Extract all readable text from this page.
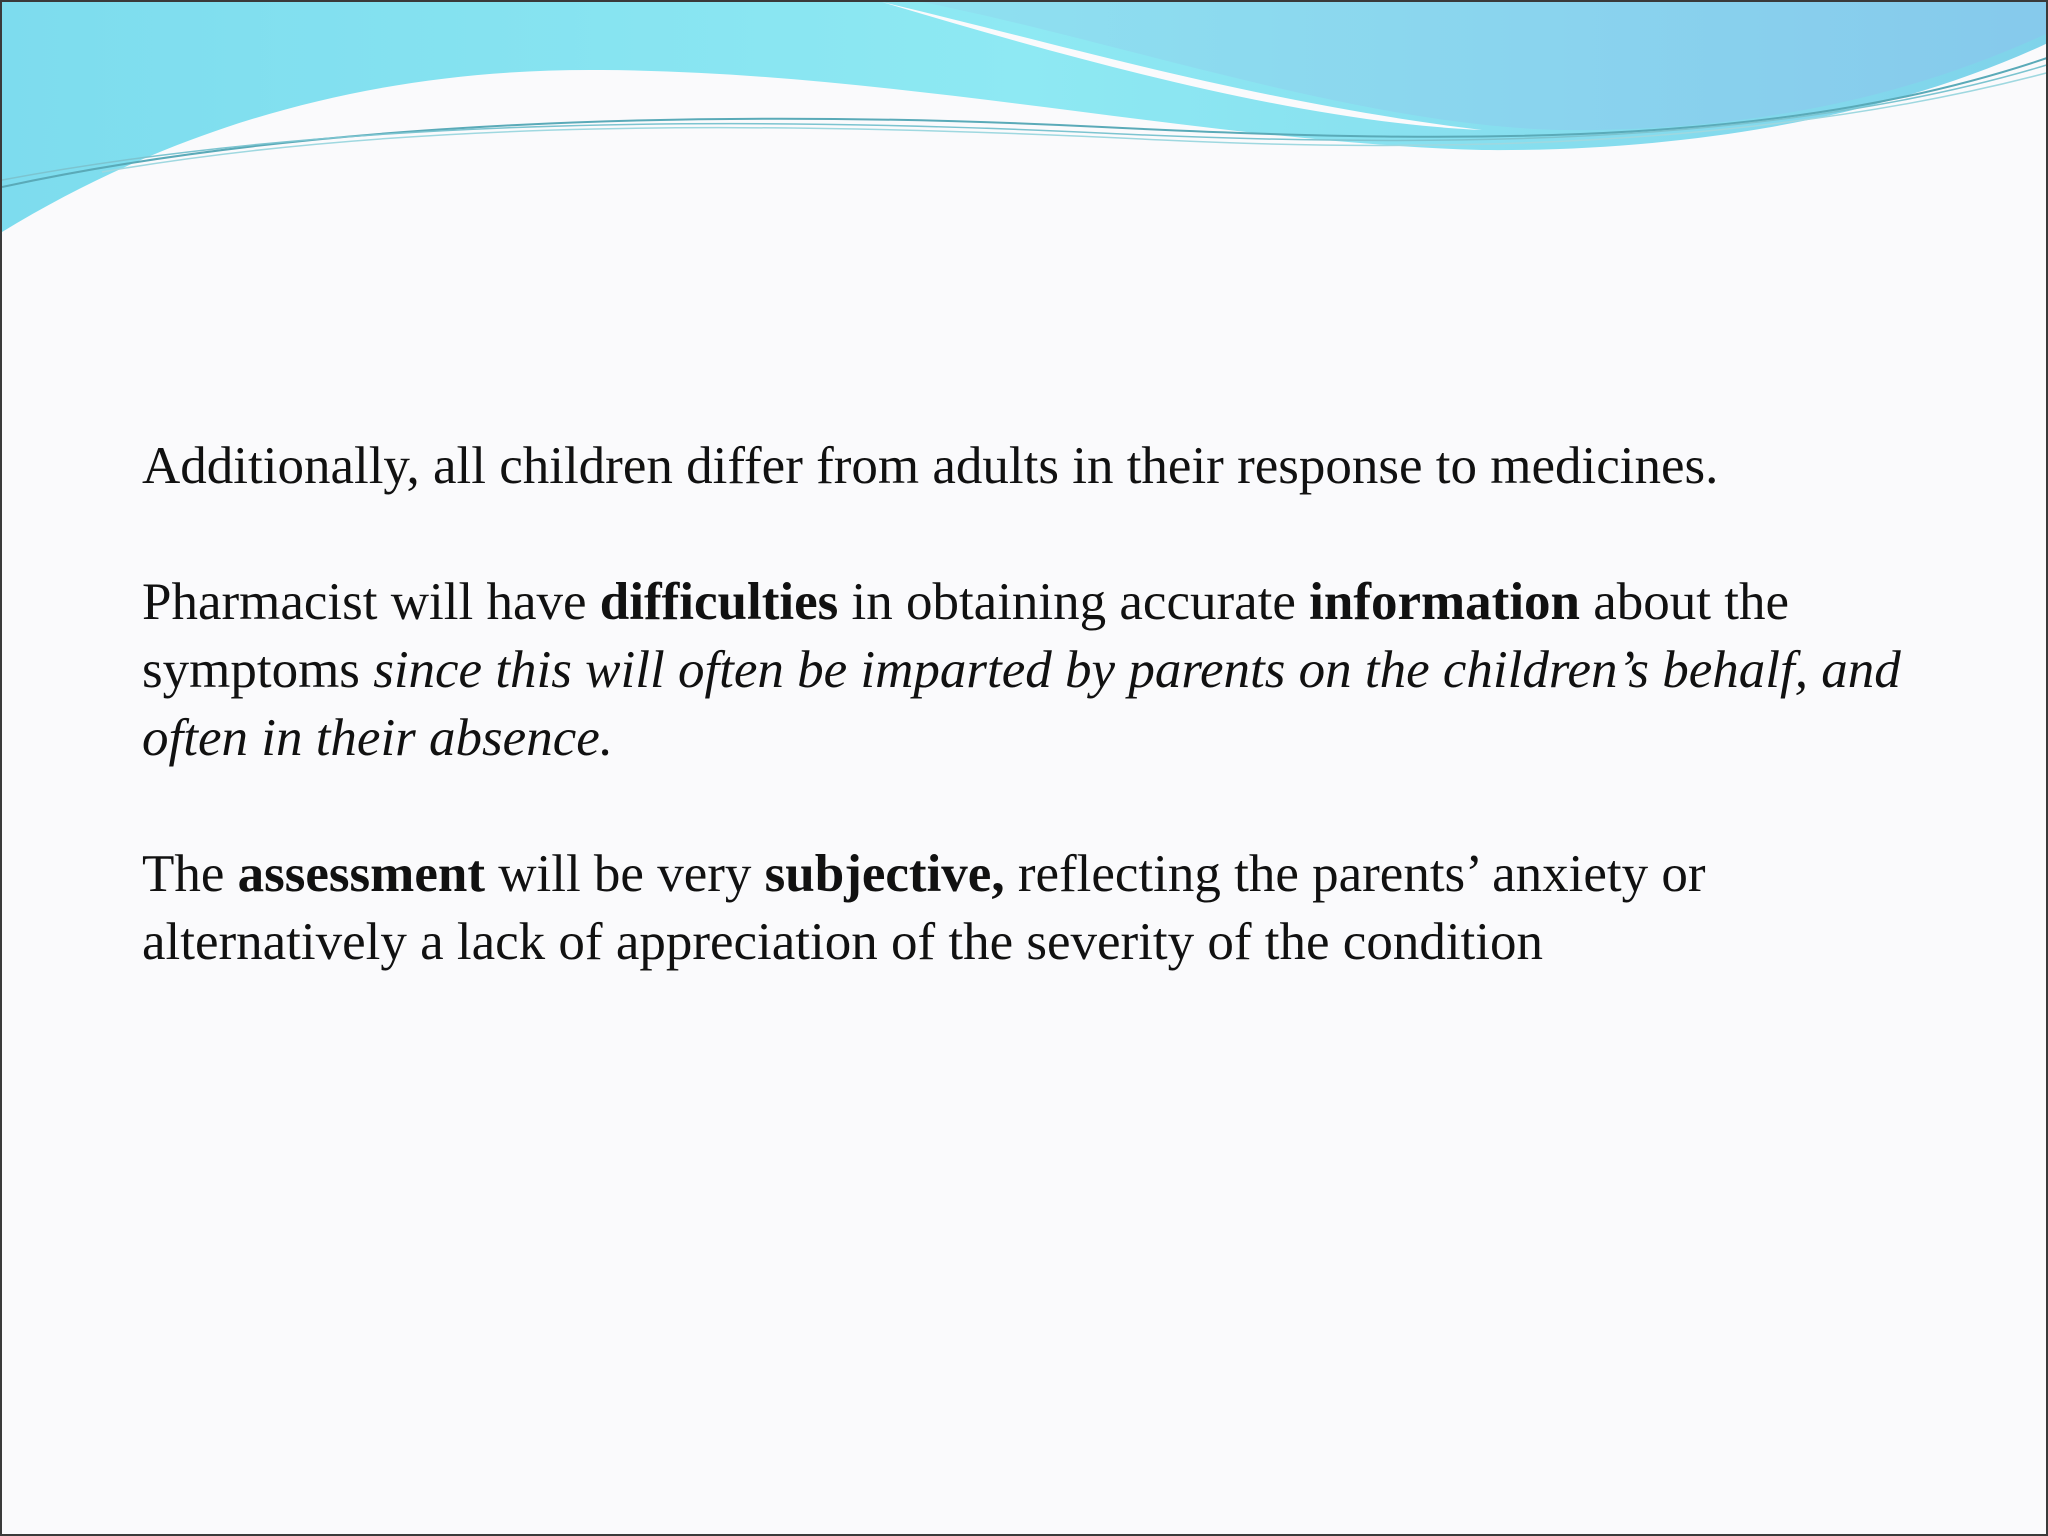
Additionally, all children differ from adults in their response to medicines.

Pharmacist will have difficulties in obtaining accurate information about the symptoms since this will often be imparted by parents on the children’s behalf, and often in their absence.

The assessment will be very subjective, reflecting the parents’ anxiety or alternatively a lack of appreciation of the severity of the condition
